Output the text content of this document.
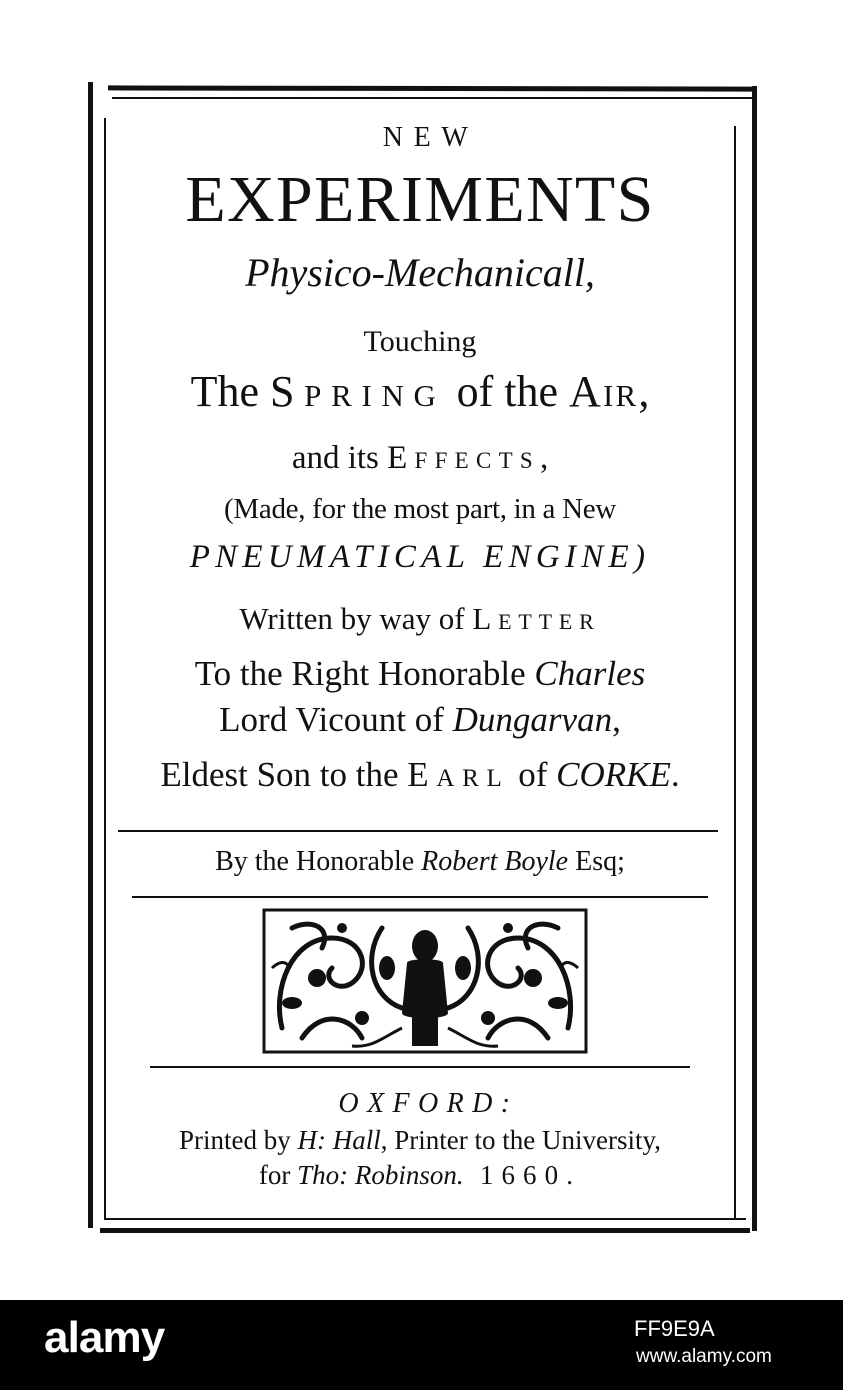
NEW
EXPERIMENTS
Physico-Mechanicall,
Touching
The Spring of the Air,
and its Effects,
(Made, for the most part, in a New
PNEUMATICAL ENGINE)
Written by way of Letter
To the Right Honorable Charles
Lord Vicount of Dungarvan,
Eldest Son to the Earl of CORKE.
By the Honorable Robert Boyle Esq;
OXFORD:
Printed by H: Hall, Printer to the University,
for Tho: Robinson. 1660.
alamy	FF9E9A
www.alamy.com
